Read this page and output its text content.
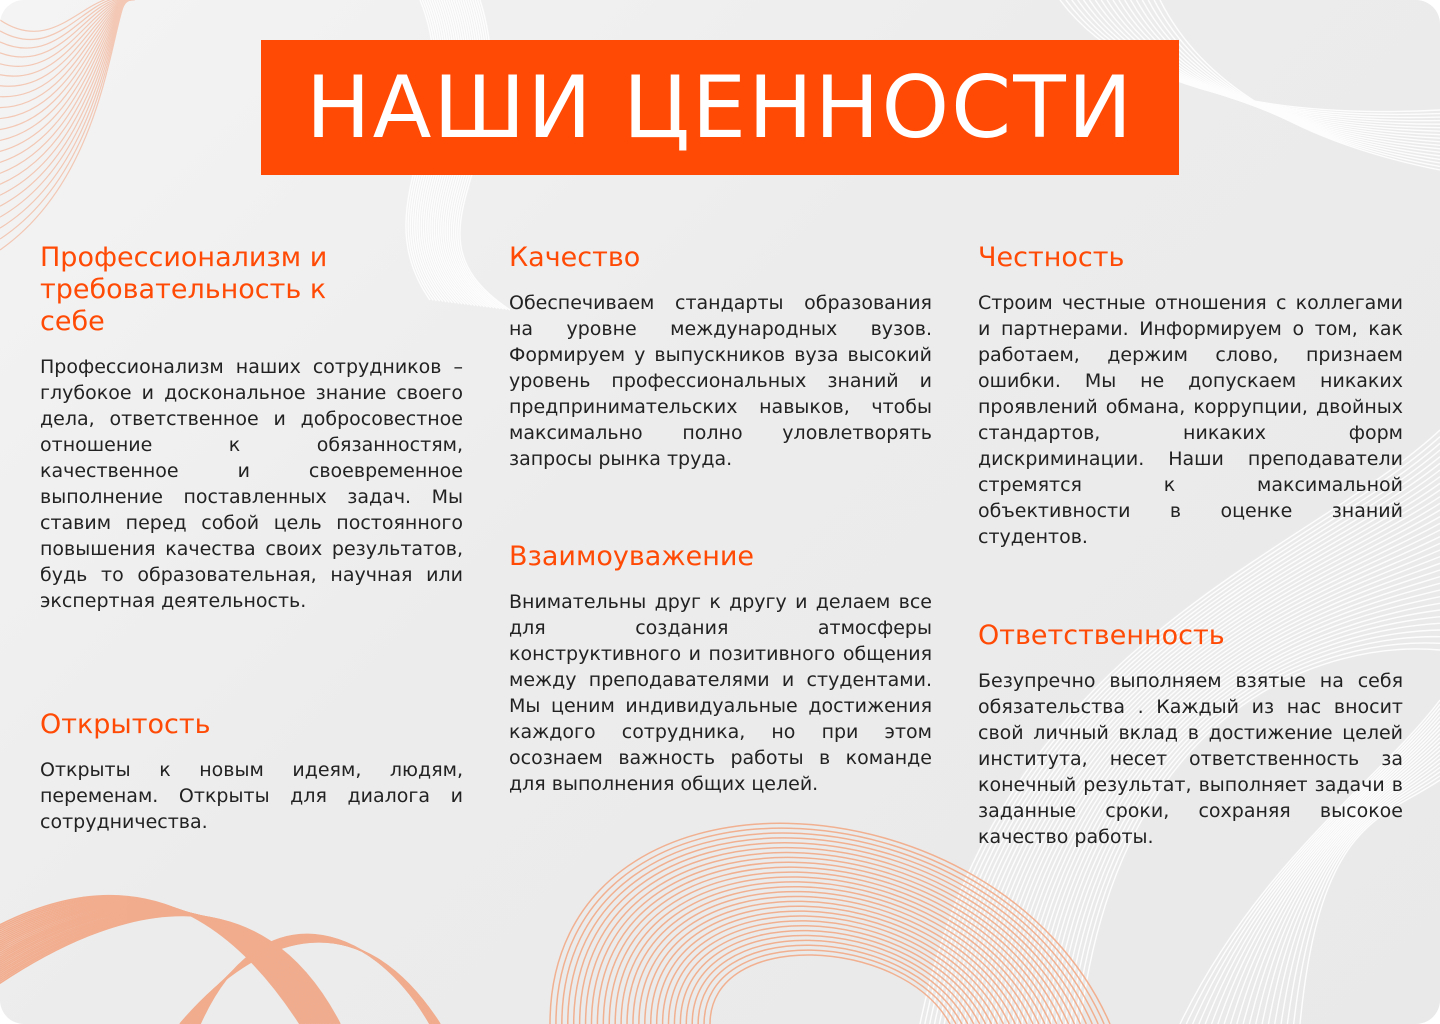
НАШИ ЦЕННОСТИ
Профессионализм и требовательность к себе

Профессионализм наших сотрудников – глубокое и доскональное знание своего дела, ответственное и добросовестное отношение к обязанностям, качественное и своевременное выполнение поставленных задач. Мы ставим перед собой цель постоянного повышения качества своих результатов, будь то образовательная, научная или экспертная деятельность.

Открытость

Открыты к новым идеям, людям, переменам. Открыты для диалога и сотрудничества.

Качество

Обеспечиваем стандарты образования на уровне международных вузов. Формируем у выпускников вуза высокий уровень профессиональных знаний и предпринимательских навыков, чтобы максимально полно уловлетворять запросы рынка труда.

Взаимоуважение

Внимательны друг к другу и делаем все для создания атмосферы конструктивного и позитивного общения между преподавателями и студентами. Мы ценим индивидуальные достижения каждого сотрудника, но при этом осознаем важность работы в команде для выполнения общих целей.

Честность

Строим честные отношения с коллегами и партнерами. Информируем о том, как работаем, держим слово, признаем ошибки. Мы не допускаем никаких проявлений обмана, коррупции, двойных стандартов, никаких форм дискриминации. Наши преподаватели стремятся к максимальной объективности в оценке знаний студентов.

Ответственность

Безупречно выполняем взятые на себя обязательства . Каждый из нас вносит свой личный вклад в достижение целей института, несет ответственность за конечный результат, выполняет задачи в заданные сроки, сохраняя высокое качество работы.
